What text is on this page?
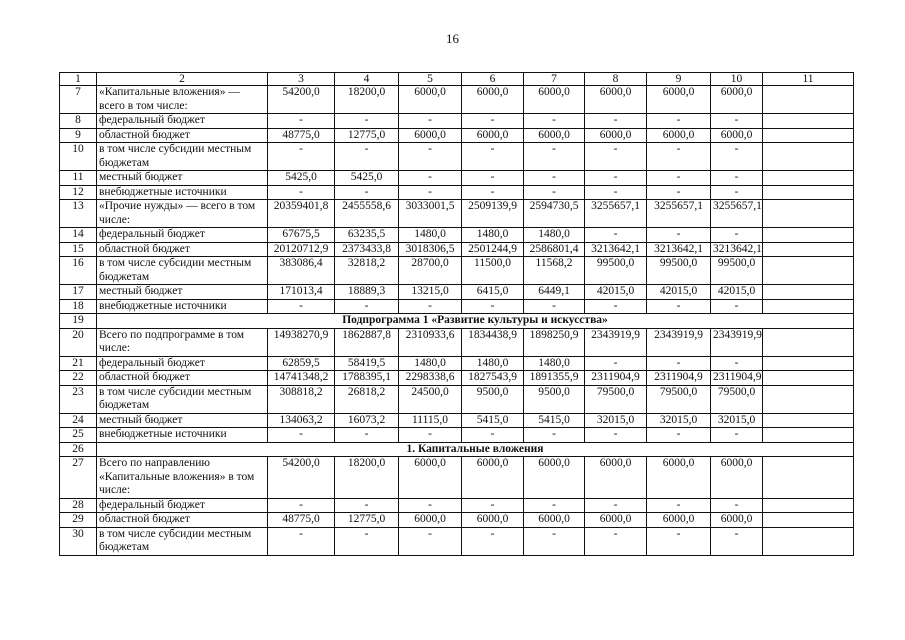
16
1	2	3	4	5	6	7	8	9	10	11
7	«Капитальные вложения» — всего в том числе:	54200,0	18200,0	6000,0	6000,0	6000,0	6000,0	6000,0	6000,0	
8	федеральный бюджет	-	-	-	-	-	-	-	-	
9	областной бюджет	48775,0	12775,0	6000,0	6000,0	6000,0	6000,0	6000,0	6000,0	
10	в том числе субсидии местным бюджетам	-	-	-	-	-	-	-	-	
11	местный бюджет	5425,0	5425,0	-	-	-	-	-	-	
12	внебюджетные источники	-	-	-	-	-	-	-	-	
13	«Прочие нужды» — всего в том числе:	20359401,8	2455558,6	3033001,5	2509139,9	2594730,5	3255657,1	3255657,1	3255657,1	
14	федеральный бюджет	67675,5	63235,5	1480,0	1480,0	1480,0	-	-	-	
15	областной бюджет	20120712,9	2373433,8	3018306,5	2501244,9	2586801,4	3213642,1	3213642,1	3213642,1	
16	в том числе субсидии местным бюджетам	383086,4	32818,2	28700,0	11500,0	11568,2	99500,0	99500,0	99500,0	
17	местный бюджет	171013,4	18889,3	13215,0	6415,0	6449,1	42015,0	42015,0	42015,0	
18	внебюджетные источники	-	-	-	-	-	-	-	-	
19	Подпрограмма 1 «Развитие культуры и искусства»									
20	Всего по подпрограмме в том числе:	14938270,9	1862887,8	2310933,6	1834438,9	1898250,9	2343919,9	2343919,9	2343919,9	
21	федеральный бюджет	62859,5	58419,5	1480,0	1480,0	1480,0	-	-	-	
22	областной бюджет	14741348,2	1788395,1	2298338,6	1827543,9	1891355,9	2311904,9	2311904,9	2311904,9	
23	в том числе субсидии местным бюджетам	308818,2	26818,2	24500,0	9500,0	9500,0	79500,0	79500,0	79500,0	
24	местный бюджет	134063,2	16073,2	11115,0	5415,0	5415,0	32015,0	32015,0	32015,0	
25	внебюджетные источники	-	-	-	-	-	-	-	-	
26	1. Капитальные вложения									
27	Всего по направлению «Капитальные вложения» в том числе:	54200,0	18200,0	6000,0	6000,0	6000,0	6000,0	6000,0	6000,0	
28	федеральный бюджет	-	-	-	-	-	-	-	-	
29	областной бюджет	48775,0	12775,0	6000,0	6000,0	6000,0	6000,0	6000,0	6000,0	
30	в том числе субсидии местным бюджетам	-	-	-	-	-	-	-	-	
